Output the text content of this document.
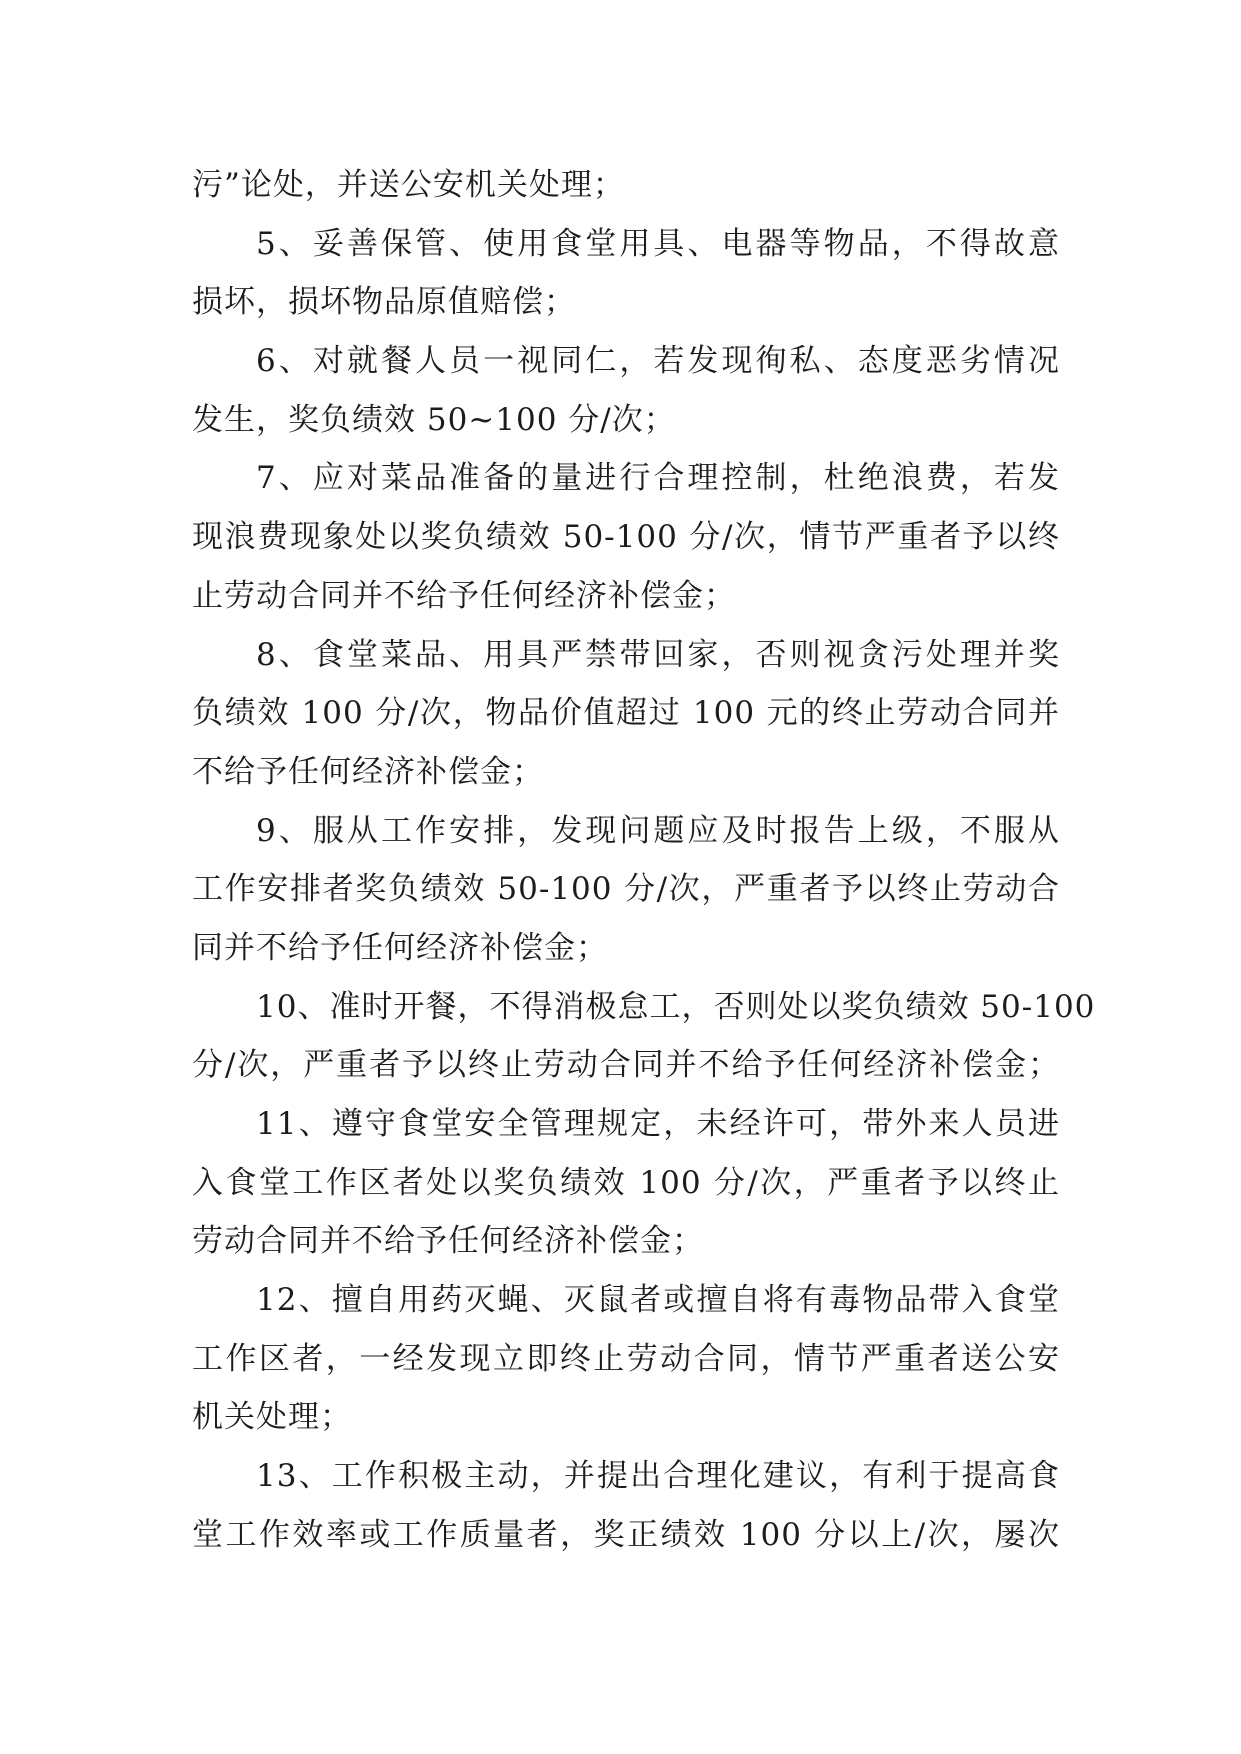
污”论处，并送公安机关处理；
5、妥善保管、使用食堂用具、电器等物品，不得故意
损坏，损坏物品原值赔偿；
6、对就餐人员一视同仁，若发现徇私、态度恶劣情况
发生，奖负绩效 50~100 分/次；
7、应对菜品准备的量进行合理控制，杜绝浪费，若发
现浪费现象处以奖负绩效 50-100 分/次，情节严重者予以终
止劳动合同并不给予任何经济补偿金；
8、食堂菜品、用具严禁带回家，否则视贪污处理并奖
负绩效 100 分/次，物品价值超过 100 元的终止劳动合同并
不给予任何经济补偿金；
9、服从工作安排，发现问题应及时报告上级，不服从
工作安排者奖负绩效 50-100 分/次，严重者予以终止劳动合
同并不给予任何经济补偿金；
10、准时开餐，不得消极怠工，否则处以奖负绩效 50-100
分/次，严重者予以终止劳动合同并不给予任何经济补偿金；
11、遵守食堂安全管理规定，未经许可，带外来人员进
入食堂工作区者处以奖负绩效 100 分/次，严重者予以终止
劳动合同并不给予任何经济补偿金；
12、擅自用药灭蝇、灭鼠者或擅自将有毒物品带入食堂
工作区者，一经发现立即终止劳动合同，情节严重者送公安
机关处理；
13、工作积极主动，并提出合理化建议，有利于提高食
堂工作效率或工作质量者，奖正绩效 100 分以上/次，屡次
